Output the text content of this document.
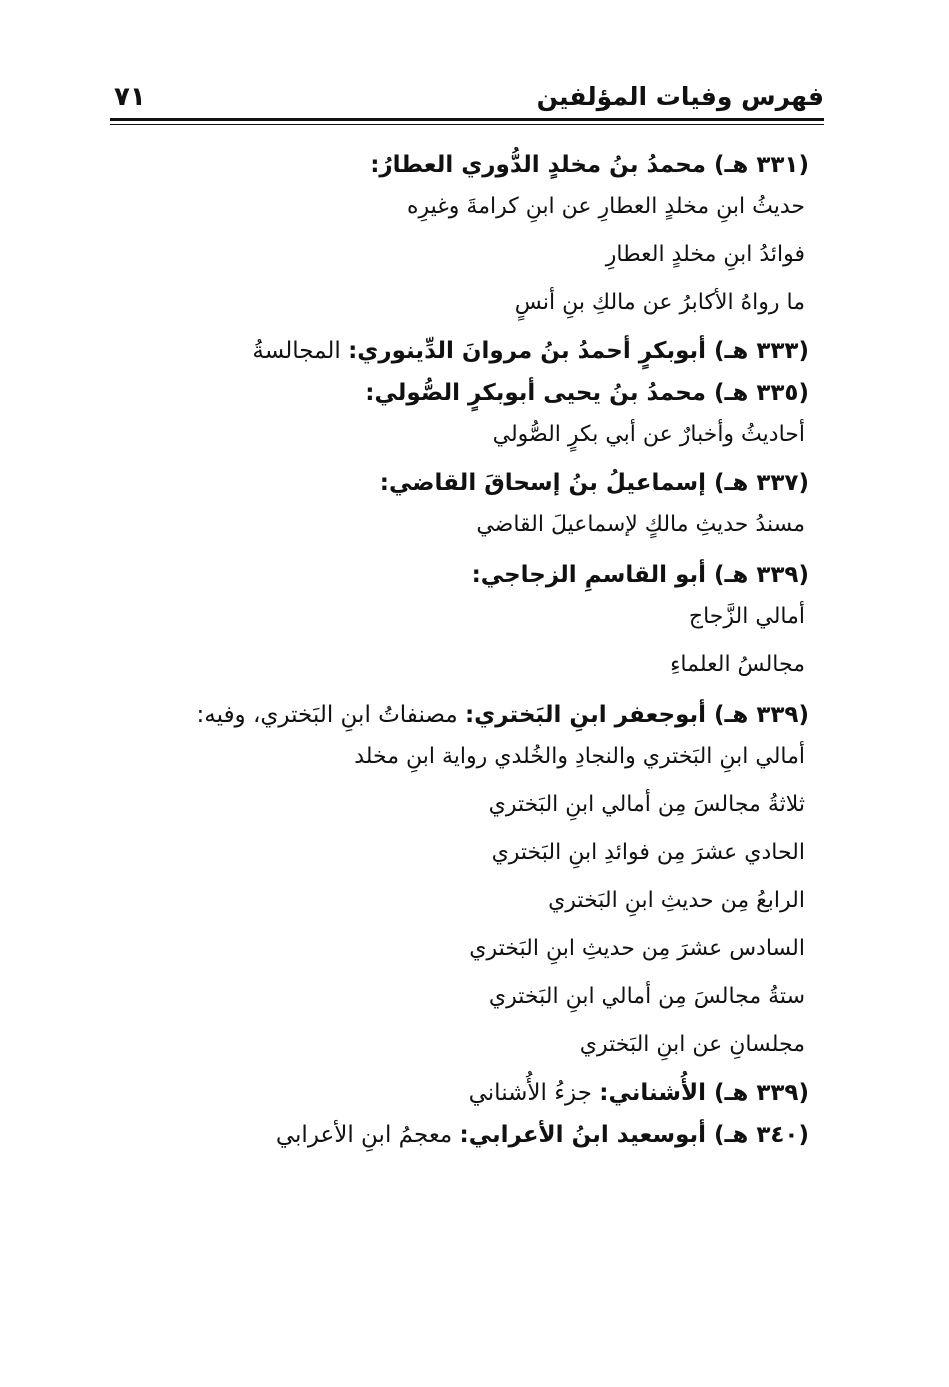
فهرس وفيات المؤلفين
٧١
(٣٣١ هـ) محمدُ بنُ مخلدٍ الدُّوري العطارُ:
حديثُ ابنِ مخلدٍ العطارِ عن ابنِ كرامةَ وغيرِه
فوائدُ ابنِ مخلدٍ العطارِ
ما رواهُ الأكابرُ عن مالكِ بنِ أنسٍ
(٣٣٣ هـ) أبوبكرٍ أحمدُ بنُ مروانَ الدِّينوري: المجالسةُ
(٣٣٥ هـ) محمدُ بنُ يحيى أبوبكرٍ الصُّولي:
أحاديثُ وأخبارٌ عن أبي بكرٍ الصُّولي
(٣٣٧ هـ) إسماعيلُ بنُ إسحاقَ القاضي:
مسندُ حديثِ مالكٍ لإسماعيلَ القاضي
(٣٣٩ هـ) أبو القاسمِ الزجاجي:
أمالي الزَّجاج
مجالسُ العلماءِ
(٣٣٩ هـ) أبوجعفر ابنِ البَختري: مصنفاتُ ابنِ البَختري، وفيه:
أمالي ابنِ البَختري والنجادِ والخُلدي رواية ابنِ مخلد
ثلاثةُ مجالسَ مِن أمالي ابنِ البَختري
الحادي عشرَ مِن فوائدِ ابنِ البَختري
الرابعُ مِن حديثِ ابنِ البَختري
السادس عشرَ مِن حديثِ ابنِ البَختري
ستةُ مجالسَ مِن أمالي ابنِ البَختري
مجلسانِ عن ابنِ البَختري
(٣٣٩ هـ) الأُشناني: جزءُ الأُشناني
(٣٤٠ هـ) أبوسعيد ابنُ الأعرابي: معجمُ ابنِ الأعرابي
